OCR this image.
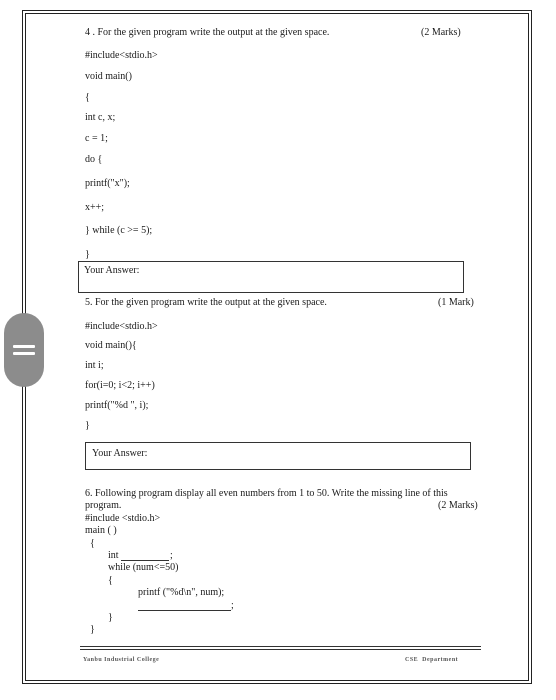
4 . For the given program write the output at the given space.	(2 Marks)
#include<stdio.h>
void main()
{
int c, x;
c = 1;
do {
printf("x");
x++;
} while (c >= 5);
}
Your Answer:
5. For the given program write the output at the given space.	(1 Mark)
#include<stdio.h>
void main(){
int i;
for(i=0; i<2; i++)
printf("%d ", i);
}
Your Answer:
6. Following program display all even numbers from 1 to 50. Write the missing line of this
program.	(2 Marks)
#include <stdio.h>
main ( )
{
int	;
while (num<=50)
{
printf ("%d\n", num);
;
}
}
Yanbu Industrial College	CSE  Department
